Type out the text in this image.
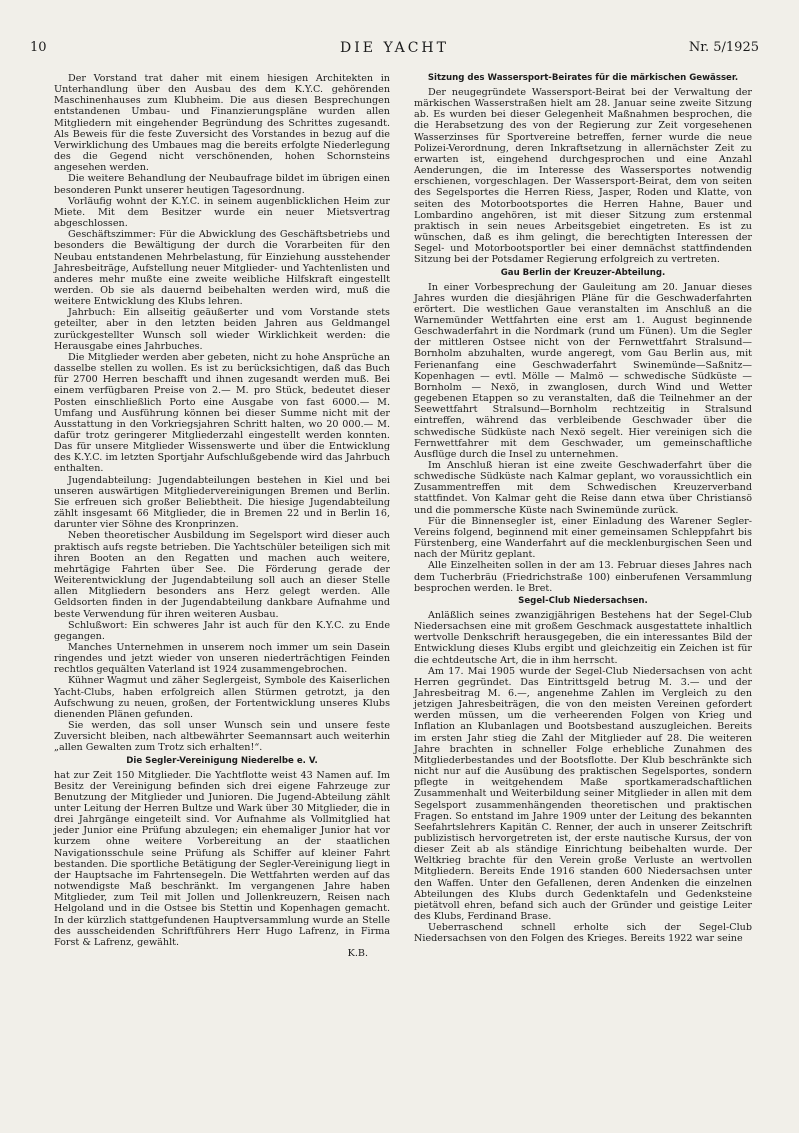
10	DIE YACHT	Nr. 5/1925

Der Vorstand trat daher mit einem hiesigen Architekten in Unterhandlung über den Ausbau des dem K.Y.C. gehörenden Maschinenhauses zum Klubheim. Die aus diesen Besprechungen entstandenen Umbau- und Finanzierungspläne wurden allen Mitgliedern mit eingehender Begründung des Schrittes zugesandt. Als Beweis für die feste Zuversicht des Vorstandes in bezug auf die Verwirklichung des Umbaues mag die bereits erfolgte Niederlegung des die Gegend nicht verschönenden, hohen Schornsteins angesehen werden.

Die weitere Behandlung der Neubaufrage bildet im übrigen einen besonderen Punkt unserer heutigen Tagesordnung.

Vorläufig wohnt der K.Y.C. in seinem augenblicklichen Heim zur Miete. Mit dem Besitzer wurde ein neuer Mietsvertrag abgeschlossen.

Geschäftszimmer: Für die Abwicklung des Geschäftsbetriebs und besonders die Bewältigung der durch die Vorarbeiten für den Neubau entstandenen Mehrbelastung, für Einziehung ausstehender Jahresbeiträge, Aufstellung neuer Mitglieder- und Yachtenlisten und anderes mehr mußte eine zweite weibliche Hilfskraft eingestellt werden. Ob sie als dauernd beibehalten werden wird, muß die weitere Entwicklung des Klubs lehren.

Jahrbuch: Ein allseitig geäußerter und vom Vorstande stets geteilter, aber in den letzten beiden Jahren aus Geldmangel zurückgestellter Wunsch soll wieder Wirklichkeit werden: die Herausgabe eines Jahrbuches.

Die Mitglieder werden aber gebeten, nicht zu hohe Ansprüche an dasselbe stellen zu wollen. Es ist zu berücksichtigen, daß das Buch für 2700 Herren beschafft und ihnen zugesandt werden muß. Bei einem verfügbaren Preise von 2.— M. pro Stück, bedeutet dieser Posten einschließlich Porto eine Ausgabe von fast 6000.— M. Umfang und Ausführung können bei dieser Summe nicht mit der Ausstattung in den Vorkriegsjahren Schritt halten, wo 20 000.— M. dafür trotz geringerer Mitgliederzahl eingestellt werden konnten. Das für unsere Mitglieder Wissenswerte und über die Entwicklung des K.Y.C. im letzten Sportjahr Aufschlußgebende wird das Jahrbuch enthalten.

Jugendabteilung: Jugendabteilungen bestehen in Kiel und bei unseren auswärtigen Mitgliedervereinigungen Bremen und Berlin. Sie erfreuen sich großer Beliebtheit. Die hiesige Jugendabteilung zählt insgesamt 66 Mitglieder, die in Bremen 22 und in Berlin 16, darunter vier Söhne des Kronprinzen.

Neben theoretischer Ausbildung im Segelsport wird dieser auch praktisch aufs regste betrieben. Die Yachtschüler beteiligen sich mit ihren Booten an den Regatten und machen auch weitere, mehrtägige Fahrten über See. Die Förderung gerade der Weiterentwicklung der Jugendabteilung soll auch an dieser Stelle allen Mitgliedern besonders ans Herz gelegt werden. Alle Geldsorten finden in der Jugendabteilung dankbare Aufnahme und beste Verwendung für ihren weiteren Ausbau.

Schlußwort: Ein schweres Jahr ist auch für den K.Y.C. zu Ende gegangen.

Manches Unternehmen in unserem noch immer um sein Dasein ringendes und jetzt wieder von unseren niederträchtigen Feinden rechtlos gequälten Vaterland ist 1924 zusammengebrochen.

Kühner Wagmut und zäher Seglergeist, Symbole des Kaiserlichen Yacht-Clubs, haben erfolgreich allen Stürmen getrotzt, ja den Aufschwung zu neuen, großen, der Fortentwicklung unseres Klubs dienenden Plänen gefunden.

Sie werden, das soll unser Wunsch sein und unsere feste Zuversicht bleiben, nach altbewährter Seemannsart auch weiterhin „allen Gewalten zum Trotz sich erhalten!“.

Die Segler-Vereinigung Niederelbe e. V.

hat zur Zeit 150 Mitglieder. Die Yachtflotte weist 43 Namen auf. Im Besitz der Vereinigung befinden sich drei eigene Fahrzeuge zur Benutzung der Mitglieder und Junioren. Die Jugend-Abteilung zählt unter Leitung der Herren Bultze und Wark über 30 Mitglieder, die in drei Jahrgänge eingeteilt sind. Vor Aufnahme als Vollmitglied hat jeder Junior eine Prüfung abzulegen; ein ehemaliger Junior hat vor kurzem ohne weitere Vorbereitung an der staatlichen Navigationsschule seine Prüfung als Schiffer auf kleiner Fahrt bestanden. Die sportliche Betätigung der Segler-Vereinigung liegt in der Hauptsache im Fahrtensegeln. Die Wettfahrten werden auf das notwendigste Maß beschränkt. Im vergangenen Jahre haben Mitglieder, zum Teil mit Jollen und Jollenkreuzern, Reisen nach Helgoland und in die Ostsee bis Stettin und Kopenhagen gemacht. In der kürzlich stattgefundenen Hauptversammlung wurde an Stelle des ausscheidenden Schriftführers Herr Hugo Lafrenz, in Firma Forst & Lafrenz, gewählt.

K.B.

Sitzung des Wassersport-Beirates für die märkischen Gewässer.

Der neugegründete Wassersport-Beirat bei der Verwaltung der märkischen Wasserstraßen hielt am 28. Januar seine zweite Sitzung ab. Es wurden bei dieser Gelegenheit Maßnahmen besprochen, die die Herabsetzung des von der Regierung zur Zeit vorgesehenen Wasserzinses für Sportvereine betreffen, ferner wurde die neue Polizei-Verordnung, deren Inkraftsetzung in allernächster Zeit zu erwarten ist, eingehend durchgesprochen und eine Anzahl Aenderungen, die im Interesse des Wassersportes notwendig erschienen, vorgeschlagen. Der Wassersport-Beirat, dem von seiten des Segelsportes die Herren Riess, Jasper, Roden und Klatte, von seiten des Motorbootsportes die Herren Hahne, Bauer und Lombardino angehören, ist mit dieser Sitzung zum erstenmal praktisch in sein neues Arbeitsgebiet eingetreten. Es ist zu wünschen, daß es ihm gelingt, die berechtigten Interessen der Segel- und Motorbootsportler bei einer demnächst stattfindenden Sitzung bei der Potsdamer Regierung erfolgreich zu vertreten.

Gau Berlin der Kreuzer-Abteilung.

In einer Vorbesprechung der Gauleitung am 20. Januar dieses Jahres wurden die diesjährigen Pläne für die Geschwaderfahrten erörtert. Die westlichen Gaue veranstalten im Anschluß an die Warnemünder Wettfahrten eine erst am 1. August beginnende Geschwaderfahrt in die Nordmark (rund um Fünen). Um die Segler der mittleren Ostsee nicht von der Fernwettfahrt Stralsund—Bornholm abzuhalten, wurde angeregt, vom Gau Berlin aus, mit Ferienanfang eine Geschwaderfahrt Swinemünde—Saßnitz—Kopenhagen — evtl. Mölle — Malmö — schwedische Südküste — Bornholm — Nexö, in zwanglosen, durch Wind und Wetter gegebenen Etappen so zu veranstalten, daß die Teilnehmer an der Seewettfahrt Stralsund—Bornholm rechtzeitig in Stralsund eintreffen, während das verbleibende Geschwader über die schwedische Südküste nach Nexö segelt. Hier vereinigen sich die Fernwettfahrer mit dem Geschwader, um gemeinschaftliche Ausflüge durch die Insel zu unternehmen.

Im Anschluß hieran ist eine zweite Geschwaderfahrt über die schwedische Südküste nach Kalmar geplant, wo voraussichtlich ein Zusammentreffen mit dem Schwedischen Kreuzerverband stattfindet. Von Kalmar geht die Reise dann etwa über Christiansö und die pommersche Küste nach Swinemünde zurück.

Für die Binnensegler ist, einer Einladung des Warener Segler-Vereins folgend, beginnend mit einer gemeinsamen Schleppfahrt bis Fürstenberg, eine Wanderfahrt auf die mecklenburgischen Seen und nach der Müritz geplant.

Alle Einzelheiten sollen in der am 13. Februar dieses Jahres nach dem Tucherbräu (Friedrichstraße 100) einberufenen Versammlung besprochen werden. le Bret.

Segel-Club Niedersachsen.

Anläßlich seines zwanzigjährigen Bestehens hat der Segel-Club Niedersachsen eine mit großem Geschmack ausgestattete inhaltlich wertvolle Denkschrift herausgegeben, die ein interessantes Bild der Entwicklung dieses Klubs ergibt und gleichzeitig ein Zeichen ist für die echtdeutsche Art, die in ihm herrscht.

Am 17. Mai 1905 wurde der Segel-Club Niedersachsen von acht Herren gegründet. Das Eintrittsgeld betrug M. 3.— und der Jahresbeitrag M. 6.—, angenehme Zahlen im Vergleich zu den jetzigen Jahresbeiträgen, die von den meisten Vereinen gefordert werden müssen, um die verheerenden Folgen von Krieg und Inflation an Klubanlagen und Bootsbestand auszugleichen. Bereits im ersten Jahr stieg die Zahl der Mitglieder auf 28. Die weiteren Jahre brachten in schneller Folge erhebliche Zunahmen des Mitgliederbestandes und der Bootsflotte. Der Klub beschränkte sich nicht nur auf die Ausübung des praktischen Segelsportes, sondern pflegte in weitgehendem Maße sportkameradschaftlichen Zusammenhalt und Weiterbildung seiner Mitglieder in allen mit dem Segelsport zusammenhängenden theoretischen und praktischen Fragen. So entstand im Jahre 1909 unter der Leitung des bekannten Seefahrtslehrers Kapitän C. Renner, der auch in unserer Zeitschrift publizistisch hervorgetreten ist, der erste nautische Kursus, der von dieser Zeit ab als ständige Einrichtung beibehalten wurde. Der Weltkrieg brachte für den Verein große Verluste an wertvollen Mitgliedern. Bereits Ende 1916 standen 600 Niedersachsen unter den Waffen. Unter den Gefallenen, deren Andenken die einzelnen Abteilungen des Klubs durch Gedenktafeln und Gedenksteine pietätvoll ehren, befand sich auch der Gründer und geistige Leiter des Klubs, Ferdinand Brase.

Ueberraschend schnell erholte sich der Segel-Club Niedersachsen von den Folgen des Krieges. Bereits 1922 war seine
